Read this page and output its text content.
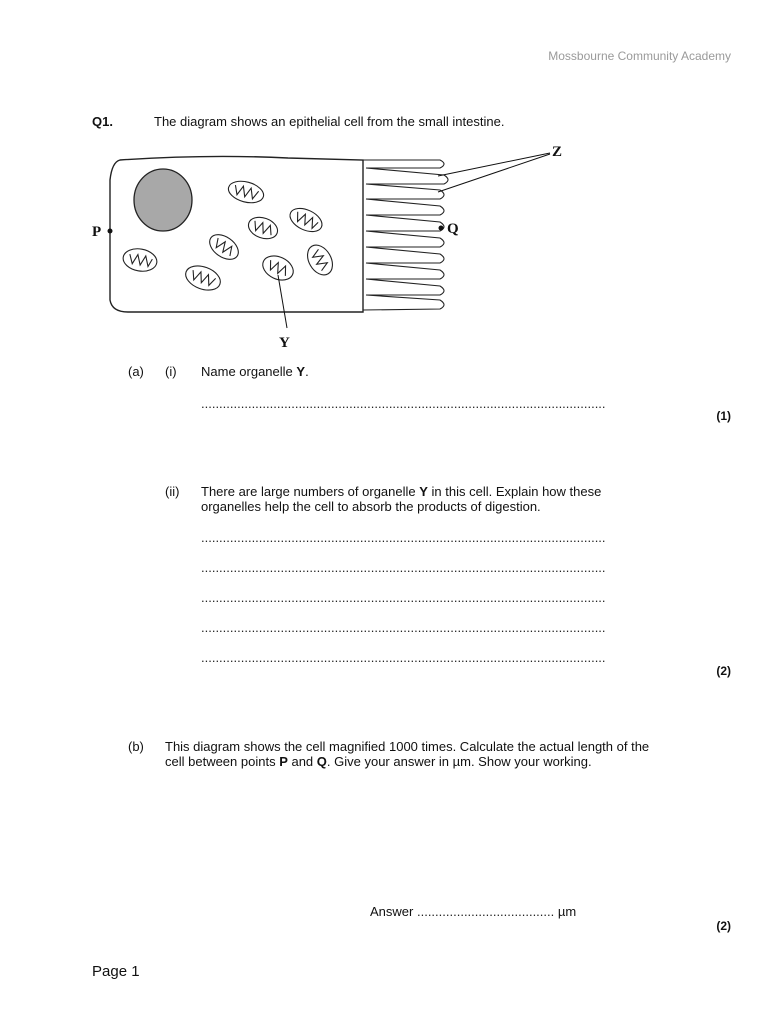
Mossbourne Community Academy
Q1.	The diagram shows an epithelial cell from the small intestine.
P	Q
Y
Z
(a) (i) Name organelle Y.
................................................................................................................
(1)
(ii) There are large numbers of organelle Y in this cell. Explain how these
organelles help the cell to absorb the products of digestion.
................................................................................................................
................................................................................................................
................................................................................................................
................................................................................................................
................................................................................................................
(2)
(b) This diagram shows the cell magnified 1000 times. Calculate the actual length of the
cell between points P and Q. Give your answer in µm. Show your working.
Answer ...................................... µm
(2)
Page 1
